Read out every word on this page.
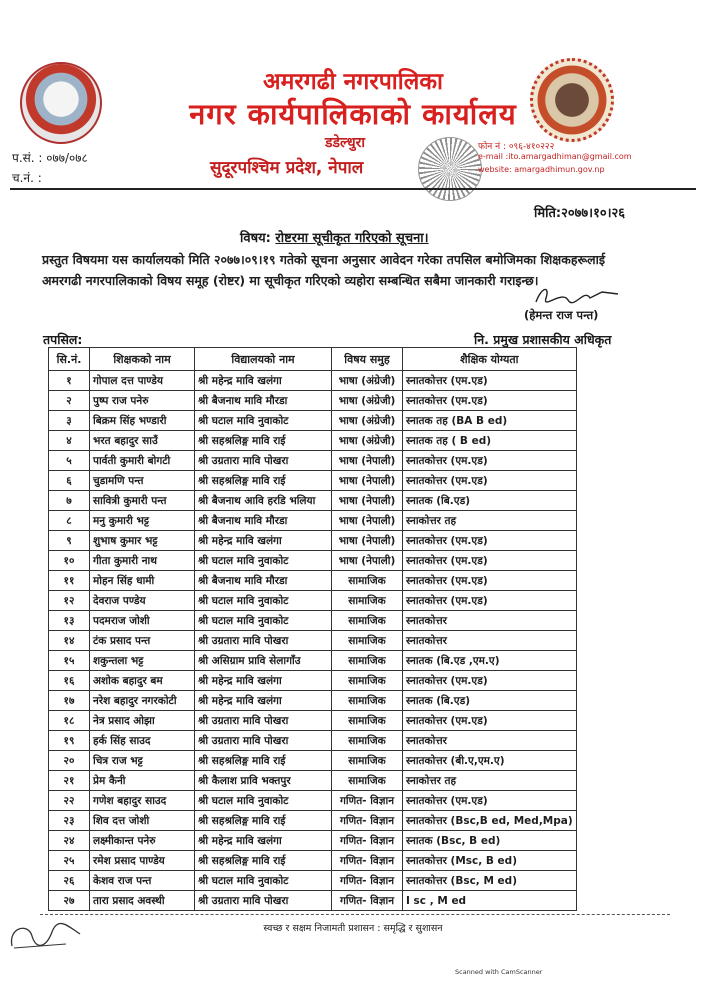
अमरगढी नगरपालिका
नगर कार्यपालिकाको कार्यालय
डडेल्धुरा
सुदूरपश्चिम प्रदेश, नेपाल
फोन नं : ०९६-४१०२२२
e-mail :ito.amargadhiman@gmail.com
website: amargadhimun.gov.np
प.सं. : ०७७/०७८
च.नं. :
मिति:२०७७।१०।२६
विषय: रोष्टरमा सूचीकृत गरिएको सूचना।
प्रस्तुत विषयमा यस कार्यालयको मिति २०७७।०९।१९ गतेको सूचना अनुसार आवेदन गरेका तपसिल बमोजिमका शिक्षकहरूलाई अमरगढी नगरपालिकाको विषय समूह (रोष्टर) मा सूचीकृत गरिएको व्यहोरा सम्बन्धित सबैमा जानकारी गराइन्छ।
(हेमन्त राज पन्त)
तपसिल:	नि. प्रमुख प्रशासकीय अधिकृत
सि.नं.	शिक्षकको नाम	विद्यालयको नाम	विषय समुह	शैक्षिक योग्यता
१	गोपाल दत्त पाण्डेय	श्री महेन्द्र मावि खलंगा	भाषा (अंग्रेजी)	स्नातकोत्तर (एम.एड)
२	पुष्प राज पनेरु	श्री बैजनाथ मावि मौरडा	भाषा (अंग्रेजी)	स्नातकोत्तर (एम.एड)
३	बिक्रम सिंह भण्डारी	श्री घटाल मावि नुवाकोट	भाषा (अंग्रेजी)	स्नातक तह (BA B ed)
४	भरत बहादुर साउँ	श्री सहश्रलिङ्ग मावि राई	भाषा (अंग्रेजी)	स्नातक तह ( B ed)
५	पार्वती कुमारी बोगटी	श्री उग्रतारा मावि पोखरा	भाषा (नेपाली)	स्नातकोत्तर (एम.एड)
६	चुडामणि पन्त	श्री सहश्रलिङ्ग मावि राई	भाषा (नेपाली)	स्नातकोत्तर (एम.एड)
७	सावित्री कुमारी पन्त	श्री बैजनाथ आवि हरडि भलिया	भाषा (नेपाली)	स्नातक (बि.एड)
८	मनु कुमारी भट्ट	श्री बैजनाथ मावि मौरडा	भाषा (नेपाली)	स्नाकोत्तर तह
९	शुभाष कुमार भट्ट	श्री महेन्द्र मावि खलंगा	भाषा (नेपाली)	स्नातकोत्तर (एम.एड)
१०	गीता कुमारी नाथ	श्री घटाल मावि नुवाकोट	भाषा (नेपाली)	स्नातकोत्तर (एम.एड)
११	मोहन सिंह धामी	श्री बैजनाथ मावि मौरडा	सामाजिक	स्नातकोत्तर (एम.एड)
१२	देवराज पण्डेय	श्री घटाल मावि नुवाकोट	सामाजिक	स्नातकोत्तर (एम.एड)
१३	पदमराज जोशी	श्री घटाल मावि नुवाकोट	सामाजिक	स्नातकोत्तर
१४	टंक प्रसाद पन्त	श्री उग्रतारा मावि पोखरा	सामाजिक	स्नातकोत्तर
१५	शकुन्तला भट्ट	श्री असिग्राम प्रावि सेलागाँउ	सामाजिक	स्नातक (बि.एड ,एम.ए)
१६	अशोक बहादुर बम	श्री महेन्द्र मावि खलंगा	सामाजिक	स्नातकोत्तर (एम.एड)
१७	नरेश बहादुर नगरकोटी	श्री महेन्द्र मावि खलंगा	सामाजिक	स्नातक (बि.एड)
१८	नेत्र प्रसाद ओझा	श्री उग्रतारा मावि पोखरा	सामाजिक	स्नातकोत्तर (एम.एड)
१९	हर्क सिंह साउद	श्री उग्रतारा मावि पोखरा	सामाजिक	स्नातकोत्तर
२०	चित्र राज भट्ट	श्री सहश्रलिङ्ग मावि राई	सामाजिक	स्नातकोत्तर (बी.ए,एम.ए)
२१	प्रेम कैनी	श्री कैलाश प्रावि भक्तपुर	सामाजिक	स्नाकोत्तर तह
२२	गणेश बहादुर साउद	श्री घटाल मावि नुवाकोट	गणित- विज्ञान	स्नातकोत्तर (एम.एड)
२३	शिव दत्त जोशी	श्री सहश्रलिङ्ग मावि राई	गणित- विज्ञान	स्नातकोत्तर (Bsc,B ed, Med,Mpa)
२४	लक्ष्मीकान्त पनेरु	श्री महेन्द्र मावि खलंगा	गणित- विज्ञान	स्नातक (Bsc, B ed)
२५	रमेश प्रसाद पाण्डेय	श्री सहश्रलिङ्ग मावि राई	गणित- विज्ञान	स्नातकोत्तर (Msc, B ed)
२६	केशव राज पन्त	श्री घटाल मावि नुवाकोट	गणित- विज्ञान	स्नातकोत्तर (Bsc, M ed)
२७	तारा प्रसाद अवस्थी	श्री उग्रतारा मावि पोखरा	गणित- विज्ञान	I sc , M ed
स्वच्छ र सक्षम निजामती प्रशासन : समृद्धि र सुशासन
Scanned with CamScanner
